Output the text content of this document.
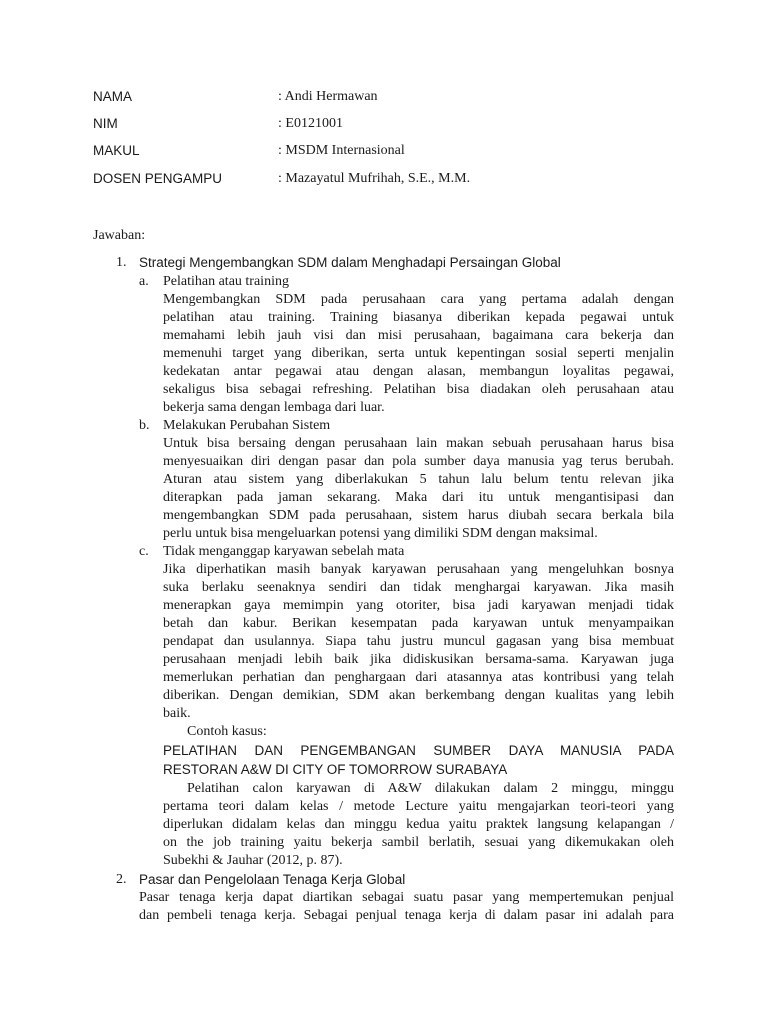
NAMA	: Andi Hermawan
NIM	: E0121001
MAKUL	: MSDM Internasional
DOSEN PENGAMPU	: Mazayatul Mufrihah, S.E., M.M.
Jawaban:
1. Strategi Mengembangkan SDM dalam Menghadapi Persaingan Global
a. Pelatihan atau training
Mengembangkan SDM pada perusahaan cara yang pertama adalah dengan
pelatihan atau training. Training biasanya diberikan kepada pegawai untuk
memahami lebih jauh visi dan misi perusahaan, bagaimana cara bekerja dan
memenuhi target yang diberikan, serta untuk kepentingan sosial seperti menjalin
kedekatan antar pegawai atau dengan alasan, membangun loyalitas pegawai,
sekaligus bisa sebagai refreshing. Pelatihan bisa diadakan oleh perusahaan atau
bekerja sama dengan lembaga dari luar.
b. Melakukan Perubahan Sistem
Untuk bisa bersaing dengan perusahaan lain makan sebuah perusahaan harus bisa
menyesuaikan diri dengan pasar dan pola sumber daya manusia yag terus berubah.
Aturan atau sistem yang diberlakukan 5 tahun lalu belum tentu relevan jika
diterapkan pada jaman sekarang. Maka dari itu untuk mengantisipasi dan
mengembangkan SDM pada perusahaan, sistem harus diubah secara berkala bila
perlu untuk bisa mengeluarkan potensi yang dimiliki SDM dengan maksimal.
c. Tidak menganggap karyawan sebelah mata
Jika diperhatikan masih banyak karyawan perusahaan yang mengeluhkan bosnya
suka berlaku seenaknya sendiri dan tidak menghargai karyawan. Jika masih
menerapkan gaya memimpin yang otoriter, bisa jadi karyawan menjadi tidak
betah dan kabur. Berikan kesempatan pada karyawan untuk menyampaikan
pendapat dan usulannya. Siapa tahu justru muncul gagasan yang bisa membuat
perusahaan menjadi lebih baik jika didiskusikan bersama-sama. Karyawan juga
memerlukan perhatian dan penghargaan dari atasannya atas kontribusi yang telah
diberikan. Dengan demikian, SDM akan berkembang dengan kualitas yang lebih
baik.
Contoh kasus:
PELATIHAN DAN PENGEMBANGAN SUMBER DAYA MANUSIA PADA
RESTORAN A&W DI CITY OF TOMORROW SURABAYA
Pelatihan calon karyawan di A&W dilakukan dalam 2 minggu, minggu
pertama teori dalam kelas / metode Lecture yaitu mengajarkan teori-teori yang
diperlukan didalam kelas dan minggu kedua yaitu praktek langsung kelapangan /
on the job training yaitu bekerja sambil berlatih, sesuai yang dikemukakan oleh
Subekhi & Jauhar (2012, p. 87).
2. Pasar dan Pengelolaan Tenaga Kerja Global
Pasar tenaga kerja dapat diartikan sebagai suatu pasar yang mempertemukan penjual
dan pembeli tenaga kerja. Sebagai penjual tenaga kerja di dalam pasar ini adalah para
